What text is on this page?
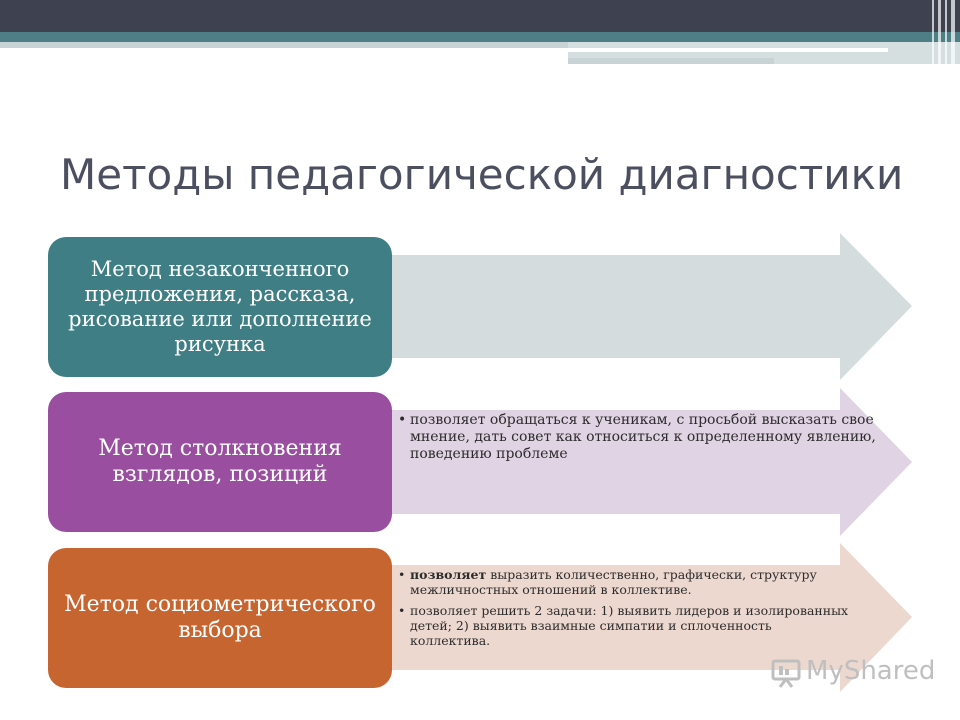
Методы педагогической диагностики
Метод незаконченного предложения, рассказа, рисование или дополнение рисунка
Метод столкновения взглядов, позиций
• позволяет обращаться к ученикам, с просьбой высказать свое мнение, дать совет как относиться к определенному явлению, поведению проблеме
Метод социометрического выбора
• позволяет выразить количественно, графически, структуру межличностных отношений в коллективе.
• позволяет решить 2 задачи: 1) выявить лидеров и изолированных детей; 2) выявить взаимные симпатии и сплоченность коллектива.
MyShared
